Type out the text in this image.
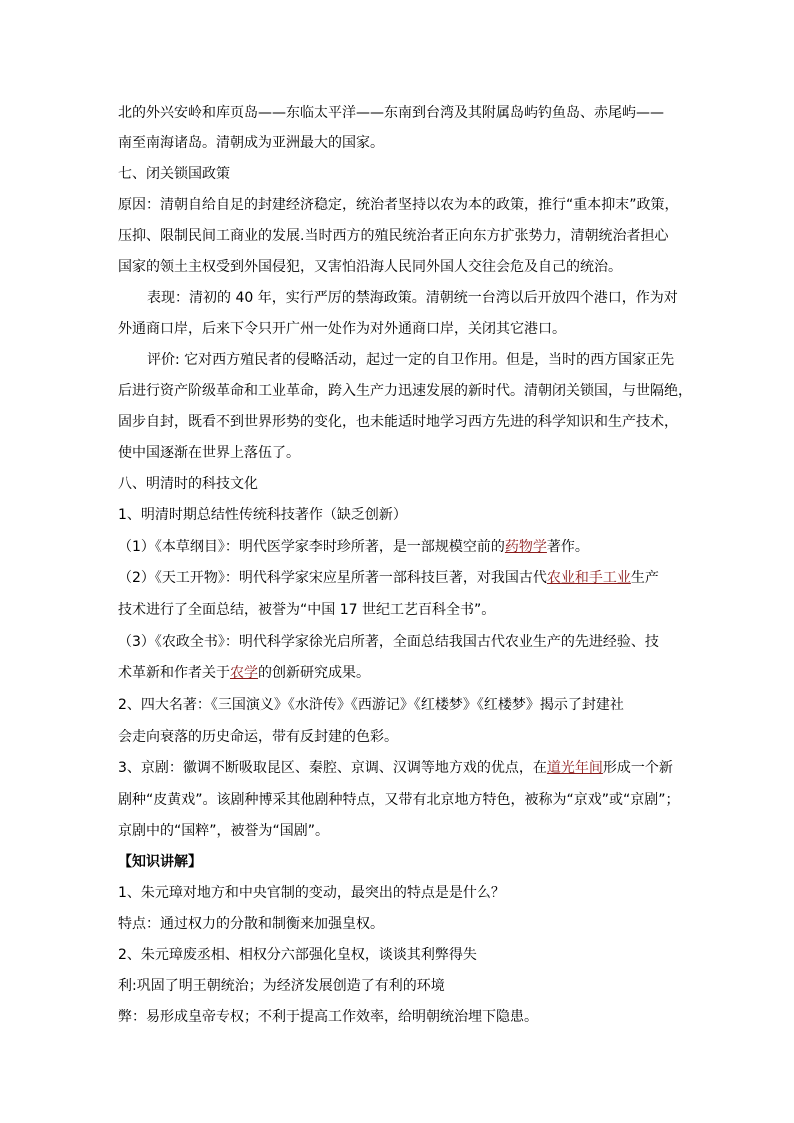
北的外兴安岭和库页岛——东临太平洋——东南到台湾及其附属岛屿钓鱼岛、赤尾屿——
南至南海诸岛。清朝成为亚洲最大的国家。
七、闭关锁国政策
原因：清朝自给自足的封建经济稳定，统治者坚持以农为本的政策，推行“重本抑末”政策，
压抑、限制民间工商业的发展.当时西方的殖民统治者正向东方扩张势力，清朝统治者担心
国家的领土主权受到外国侵犯，又害怕沿海人民同外国人交往会危及自己的统治。
表现：清初的 40 年，实行严厉的禁海政策。清朝统一台湾以后开放四个港口，作为对
外通商口岸，后来下令只开广州一处作为对外通商口岸，关闭其它港口。
评价: 它对西方殖民者的侵略活动，起过一定的自卫作用。但是，当时的西方国家正先
后进行资产阶级革命和工业革命，跨入生产力迅速发展的新时代。清朝闭关锁国，与世隔绝，
固步自封，既看不到世界形势的变化，也未能适时地学习西方先进的科学知识和生产技术，
使中国逐渐在世界上落伍了。
八、明清时的科技文化
1、明清时期总结性传统科技著作（缺乏创新）
（1）《本草纲目》：明代医学家李时珍所著，是一部规模空前的药物学著作。
（2）《天工开物》：明代科学家宋应星所著一部科技巨著，对我国古代农业和手工业生产
技术进行了全面总结，被誉为“中国 17 世纪工艺百科全书”。
（3）《农政全书》：明代科学家徐光启所著，全面总结我国古代农业生产的先进经验、技
术革新和作者关于农学的创新研究成果。
2、四大名著：《三国演义》《水浒传》《西游记》《红楼梦》《红楼梦》揭示了封建社
会走向衰落的历史命运，带有反封建的色彩。
3、京剧：徽调不断吸取昆区、秦腔、京调、汉调等地方戏的优点，在道光年间形成一个新
剧种“皮黄戏”。该剧种博采其他剧种特点，又带有北京地方特色，被称为“京戏”或“京剧”；
京剧中的“国粹”，被誉为“国剧”。
【知识讲解】
1、朱元璋对地方和中央官制的变动，最突出的特点是是什么？
特点：通过权力的分散和制衡来加强皇权。
2、朱元璋废丞相、相权分六部强化皇权，谈谈其利弊得失
利:巩固了明王朝统治；为经济发展创造了有利的环境
弊：易形成皇帝专权；不利于提高工作效率，给明朝统治埋下隐患。
